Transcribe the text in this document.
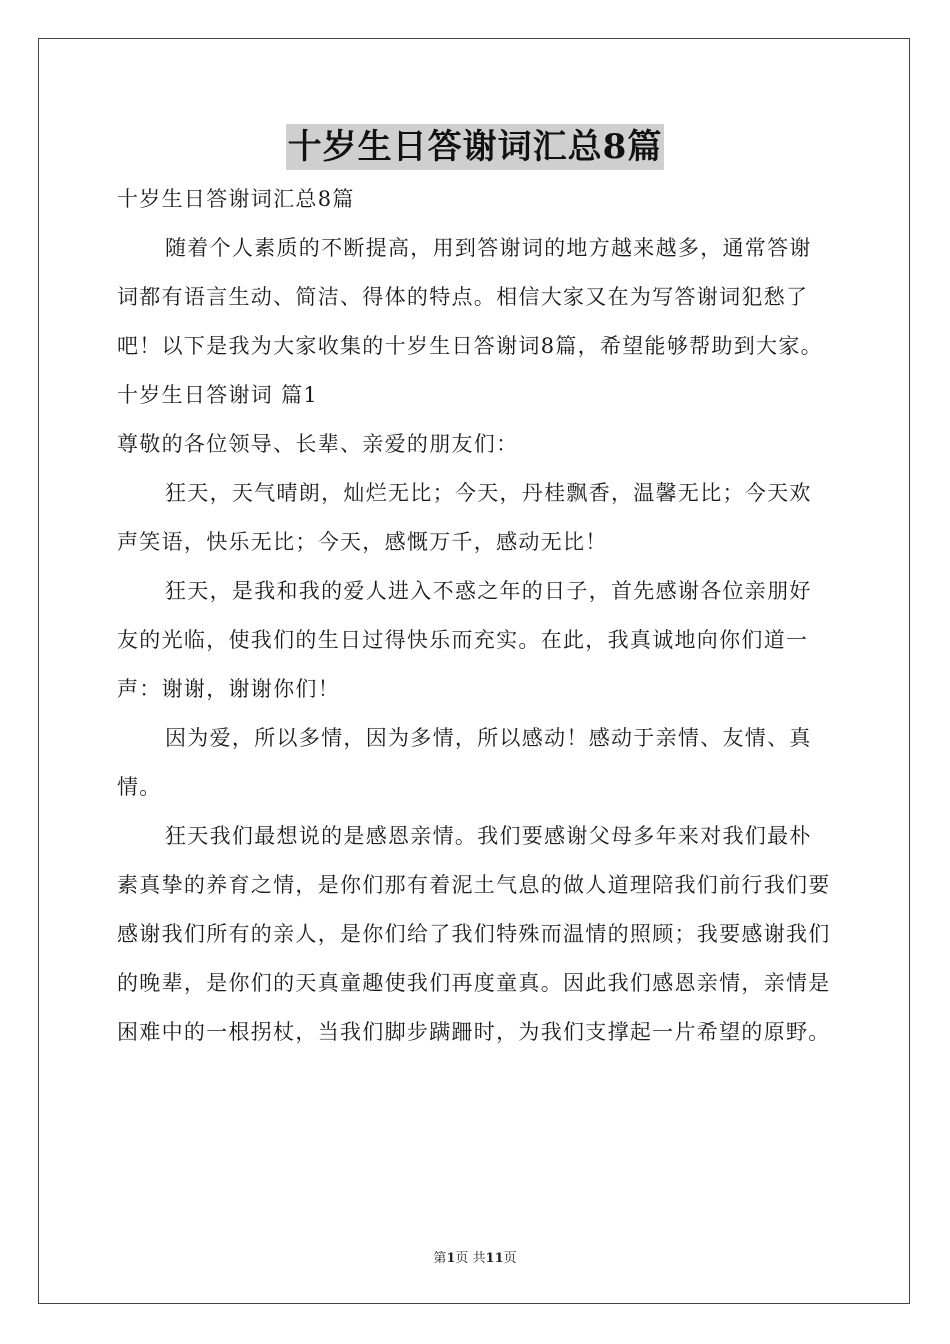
十岁生日答谢词汇总8篇

十岁生日答谢词汇总8篇

随着个人素质的不断提高，用到答谢词的地方越来越多，通常答谢词都有语言生动、简洁、得体的特点。相信大家又在为写答谢词犯愁了吧！以下是我为大家收集的十岁生日答谢词8篇，希望能够帮助到大家。

十岁生日答谢词 篇1

尊敬的各位领导、长辈、亲爱的朋友们：

狂天，天气晴朗，灿烂无比；今天，丹桂飘香，温馨无比；今天欢声笑语，快乐无比；今天，感慨万千，感动无比！

狂天，是我和我的爱人进入不惑之年的日子，首先感谢各位亲朋好友的光临，使我们的生日过得快乐而充实。在此，我真诚地向你们道一声：谢谢，谢谢你们！

因为爱，所以多情，因为多情，所以感动！感动于亲情、友情、真情。

狂天我们最想说的是感恩亲情。我们要感谢父母多年来对我们最朴素真挚的养育之情，是你们那有着泥土气息的做人道理陪我们前行我们要感谢我们所有的亲人，是你们给了我们特殊而温情的照顾；我要感谢我们的晚辈，是你们的天真童趣使我们再度童真。因此我们感恩亲情，亲情是困难中的一根拐杖，当我们脚步蹒跚时，为我们支撑起一片希望的原野。

第1页 共11页
